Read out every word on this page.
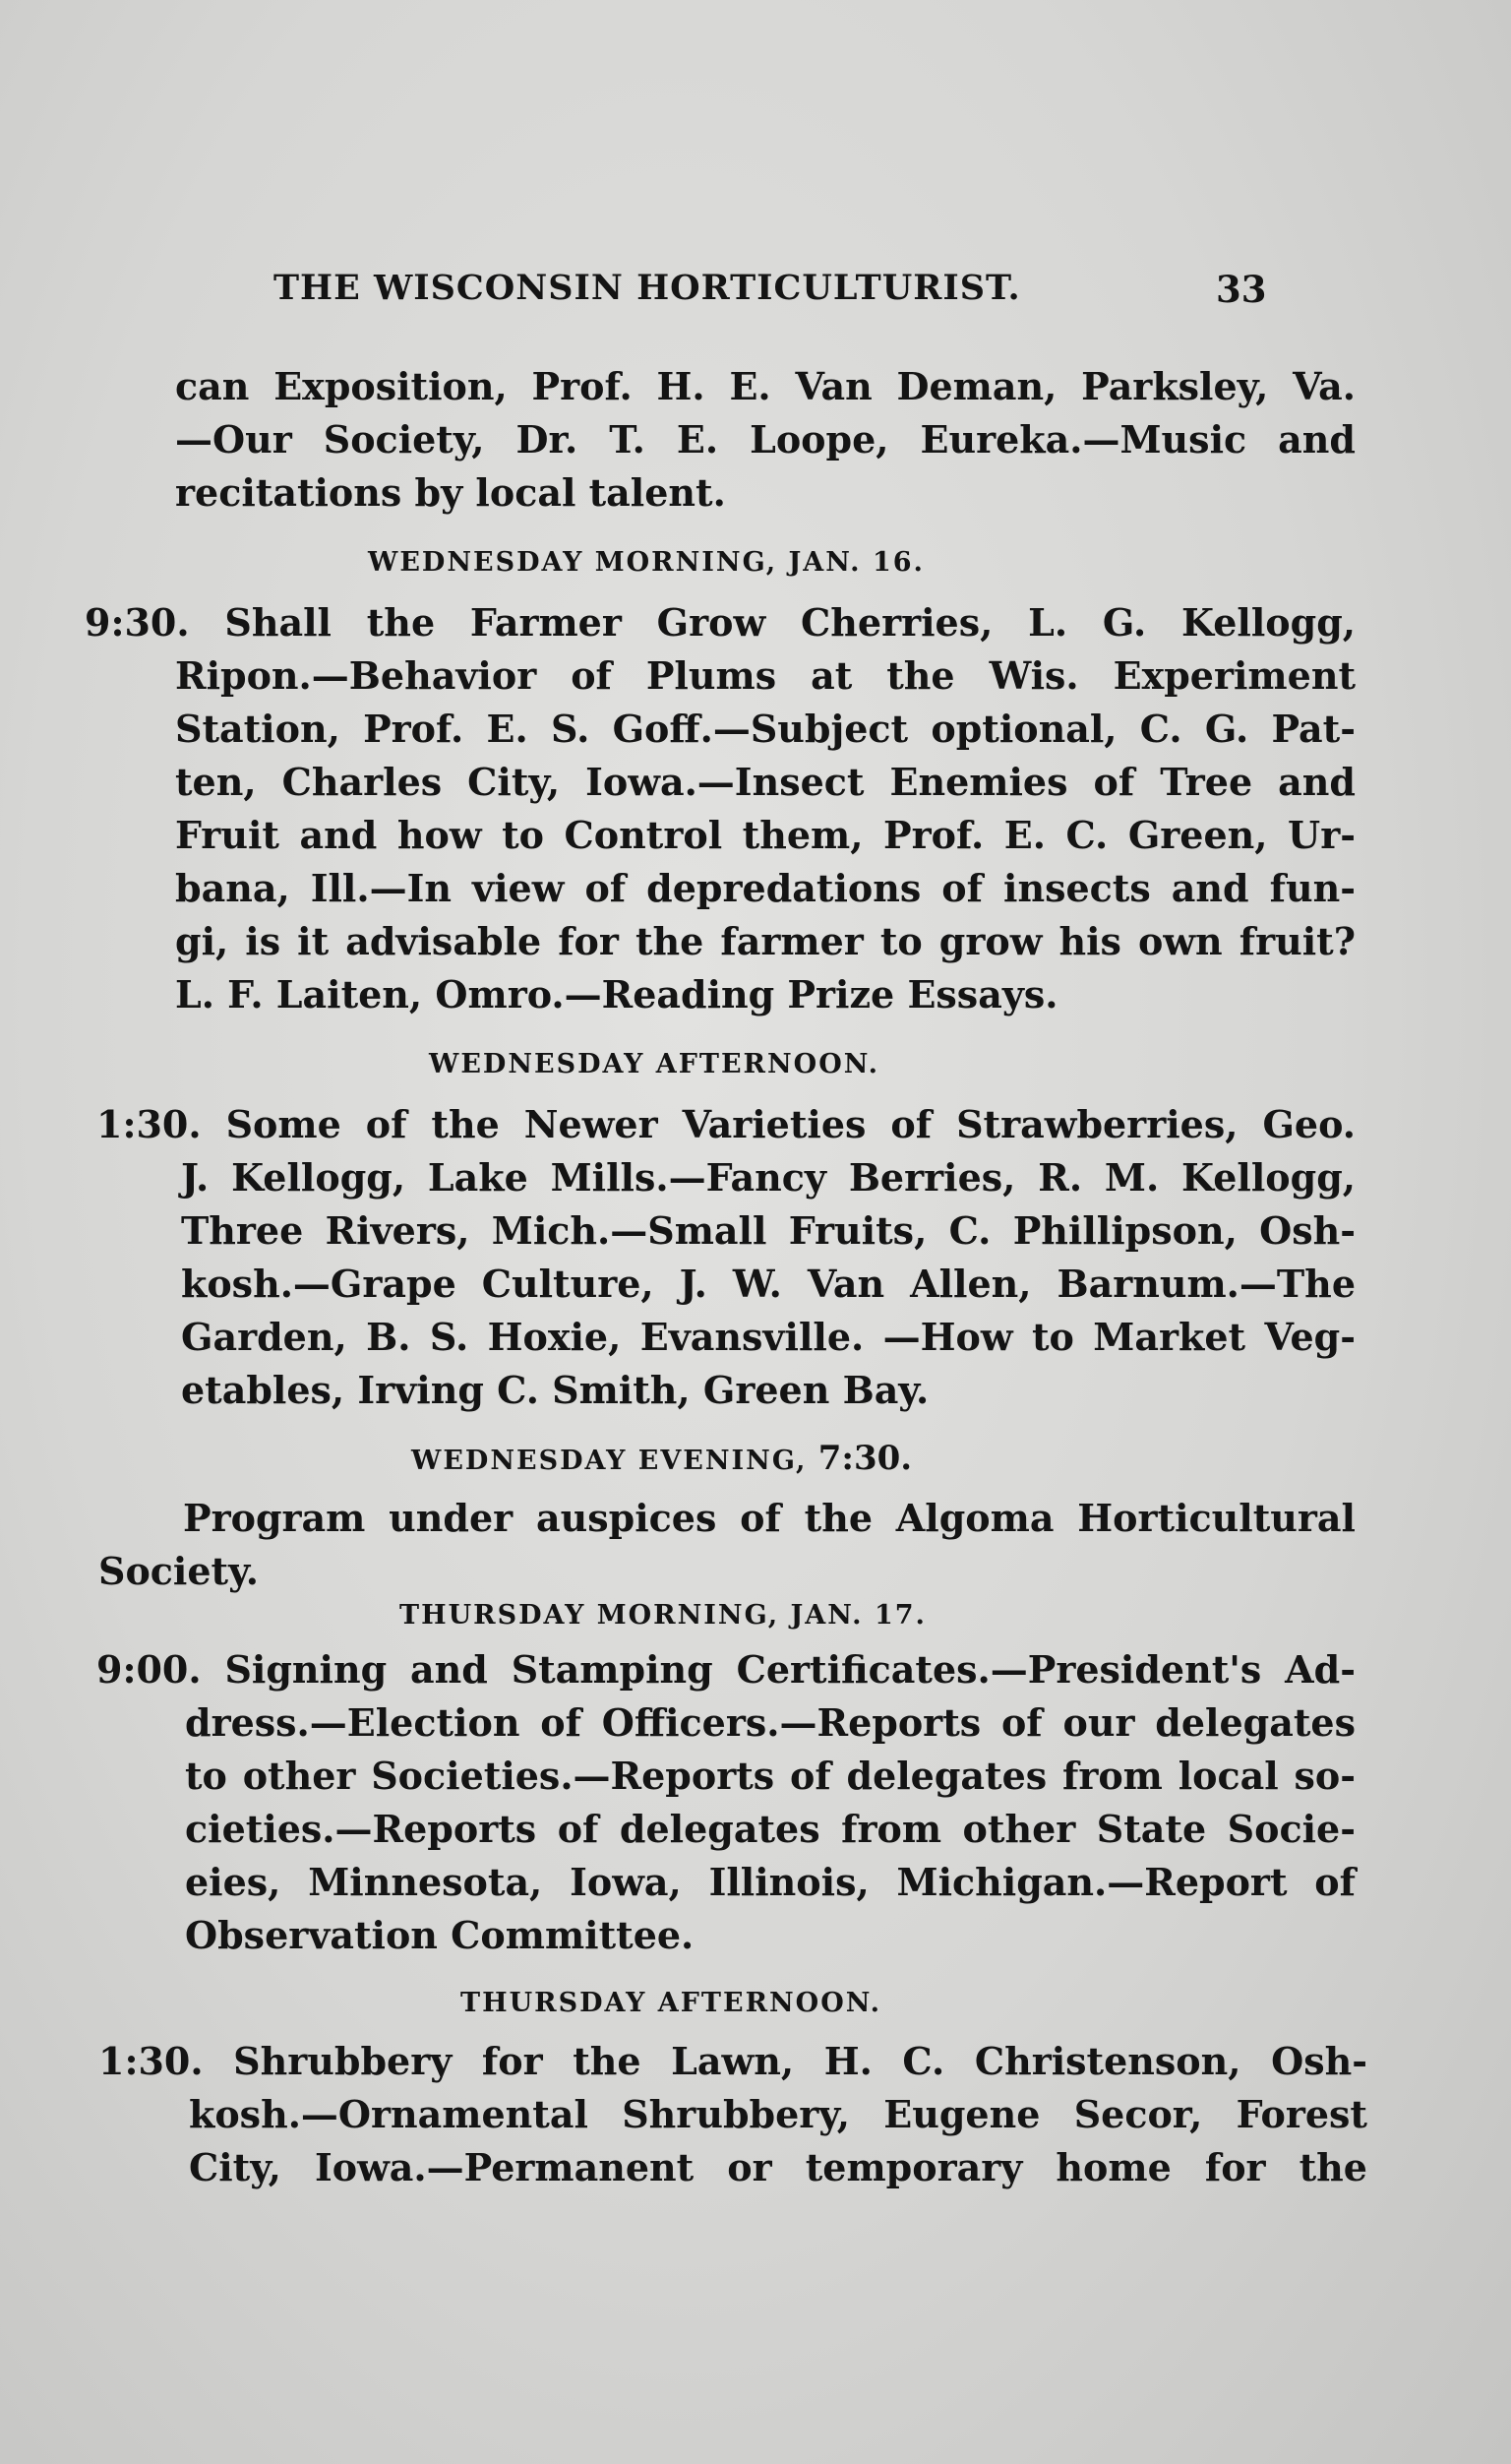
THE WISCONSIN HORTICULTURIST.	33
can Exposition, Prof. H. E. Van Deman, Parksley, Va.
—Our Society, Dr. T. E. Loope, Eureka.—Music and
recitations by local talent.
WEDNESDAY MORNING, JAN. 16.
9:30. Shall the Farmer Grow Cherries, L. G. Kellogg,
Ripon.—Behavior of Plums at the Wis. Experiment
Station, Prof. E. S. Goff.—Subject optional, C. G. Pat-
ten, Charles City, Iowa.—Insect Enemies of Tree and
Fruit and how to Control them, Prof. E. C. Green, Ur-
bana, Ill.—In view of depredations of insects and fun-
gi, is it advisable for the farmer to grow his own fruit?
L. F. Laiten, Omro.—Reading Prize Essays.
WEDNESDAY AFTERNOON.
1:30. Some of the Newer Varieties of Strawberries, Geo.
J. Kellogg, Lake Mills.—Fancy Berries, R. M. Kellogg,
Three Rivers, Mich.—Small Fruits, C. Phillipson, Osh-
kosh.—Grape Culture, J. W. Van Allen, Barnum.—The
Garden, B. S. Hoxie, Evansville. —How to Market Veg-
etables, Irving C. Smith, Green Bay.
WEDNESDAY EVENING, 7:30.
Program under auspices of the Algoma Horticultural
Society.
THURSDAY MORNING, JAN. 17.
9:00. Signing and Stamping Certificates.—President's Ad-
dress.—Election of Officers.—Reports of our delegates
to other Societies.—Reports of delegates from local so-
cieties.—Reports of delegates from other State Socie-
eies, Minnesota, Iowa, Illinois, Michigan.—Report of
Observation Committee.
THURSDAY AFTERNOON.
1:30. Shrubbery for the Lawn, H. C. Christenson, Osh-
kosh.—Ornamental Shrubbery, Eugene Secor, Forest
City, Iowa.—Permanent or temporary home for the
